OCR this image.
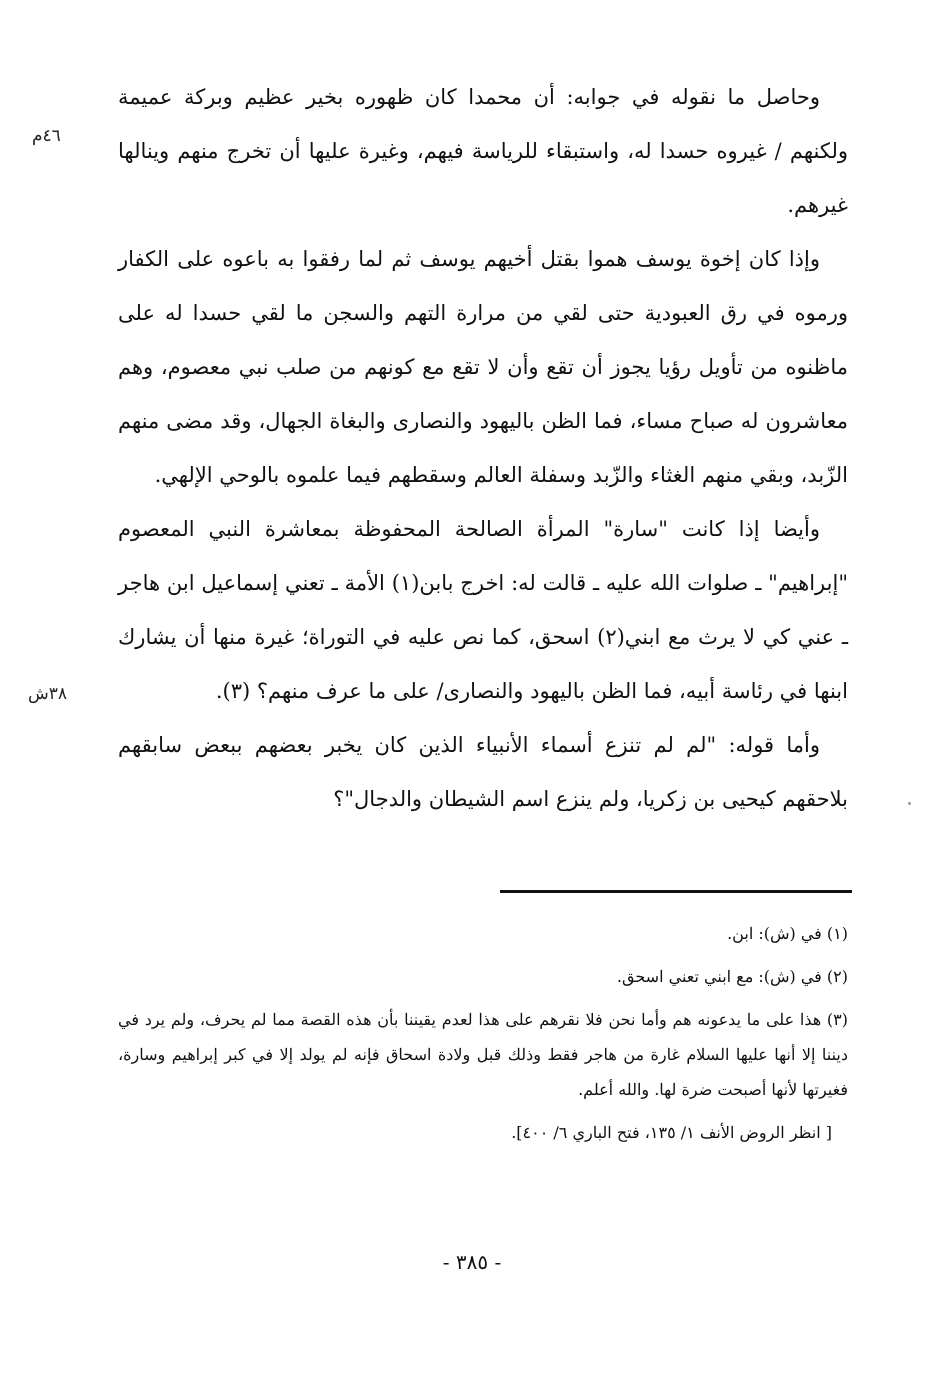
٤٦م
٣٨ش

وحاصل ما نقوله في جوابه: أن محمدا كان ظهوره بخير عظيم وبركة عميمة ولكنهم / غيروه حسدا له، واستبقاء للرياسة فيهم، وغيرة عليها أن تخرج منهم وينالها غيرهم.

وإذا كان إخوة يوسف هموا بقتل أخيهم يوسف ثم لما رفقوا به باعوه على الكفار ورموه في رق العبودية حتى لقي من مرارة التهم والسجن ما لقي حسدا له على ماظنوه من تأويل رؤيا يجوز أن تقع وأن لا تقع مع كونهم من صلب نبي معصوم، وهم معاشرون له صباح مساء، فما الظن باليهود والنصارى والبغاة الجهال، وقد مضى منهم الزّبد، وبقي منهم الغثاء والزّبد وسفلة العالم وسقطهم فيما علموه بالوحي الإلهي.

وأيضا إذا كانت "سارة" المرأة الصالحة المحفوظة بمعاشرة النبي المعصوم "إبراهيم" ـ صلوات الله عليه ـ قالت له: اخرج بابن(١) الأمة ـ تعني إسماعيل ابن هاجر ـ عني كي لا يرث مع ابني(٢) اسحق، كما نص عليه في التوراة؛ غيرة منها أن يشارك ابنها في رئاسة أبيه، فما الظن باليهود والنصارى/ على ما عرف منهم؟ (٣).

وأما قوله: "لم لم تنزع أسماء الأنبياء الذين كان يخبر بعضهم ببعض سابقهم بلاحقهم كيحيى بن زكريا، ولم ينزع اسم الشيطان والدجال"؟

(١) في (ش): ابن.

(٢) في (ش): مع ابني تعني اسحق.

(٣) هذا على ما يدعونه هم وأما نحن فلا نقرهم على هذا لعدم يقيننا بأن هذه القصة مما لم يحرف، ولم يرد في ديننا إلا أنها عليها السلام غارة من هاجر فقط وذلك قبل ولادة اسحاق فإنه لم يولد إلا في كبر إبراهيم وسارة، فغيرتها لأنها أصبحت ضرة لها. والله أعلم.

[ انظر الروض الأنف ١/ ١٣٥، فتح الباري ٦/ ٤٠٠].

- ٣٨٥ -
